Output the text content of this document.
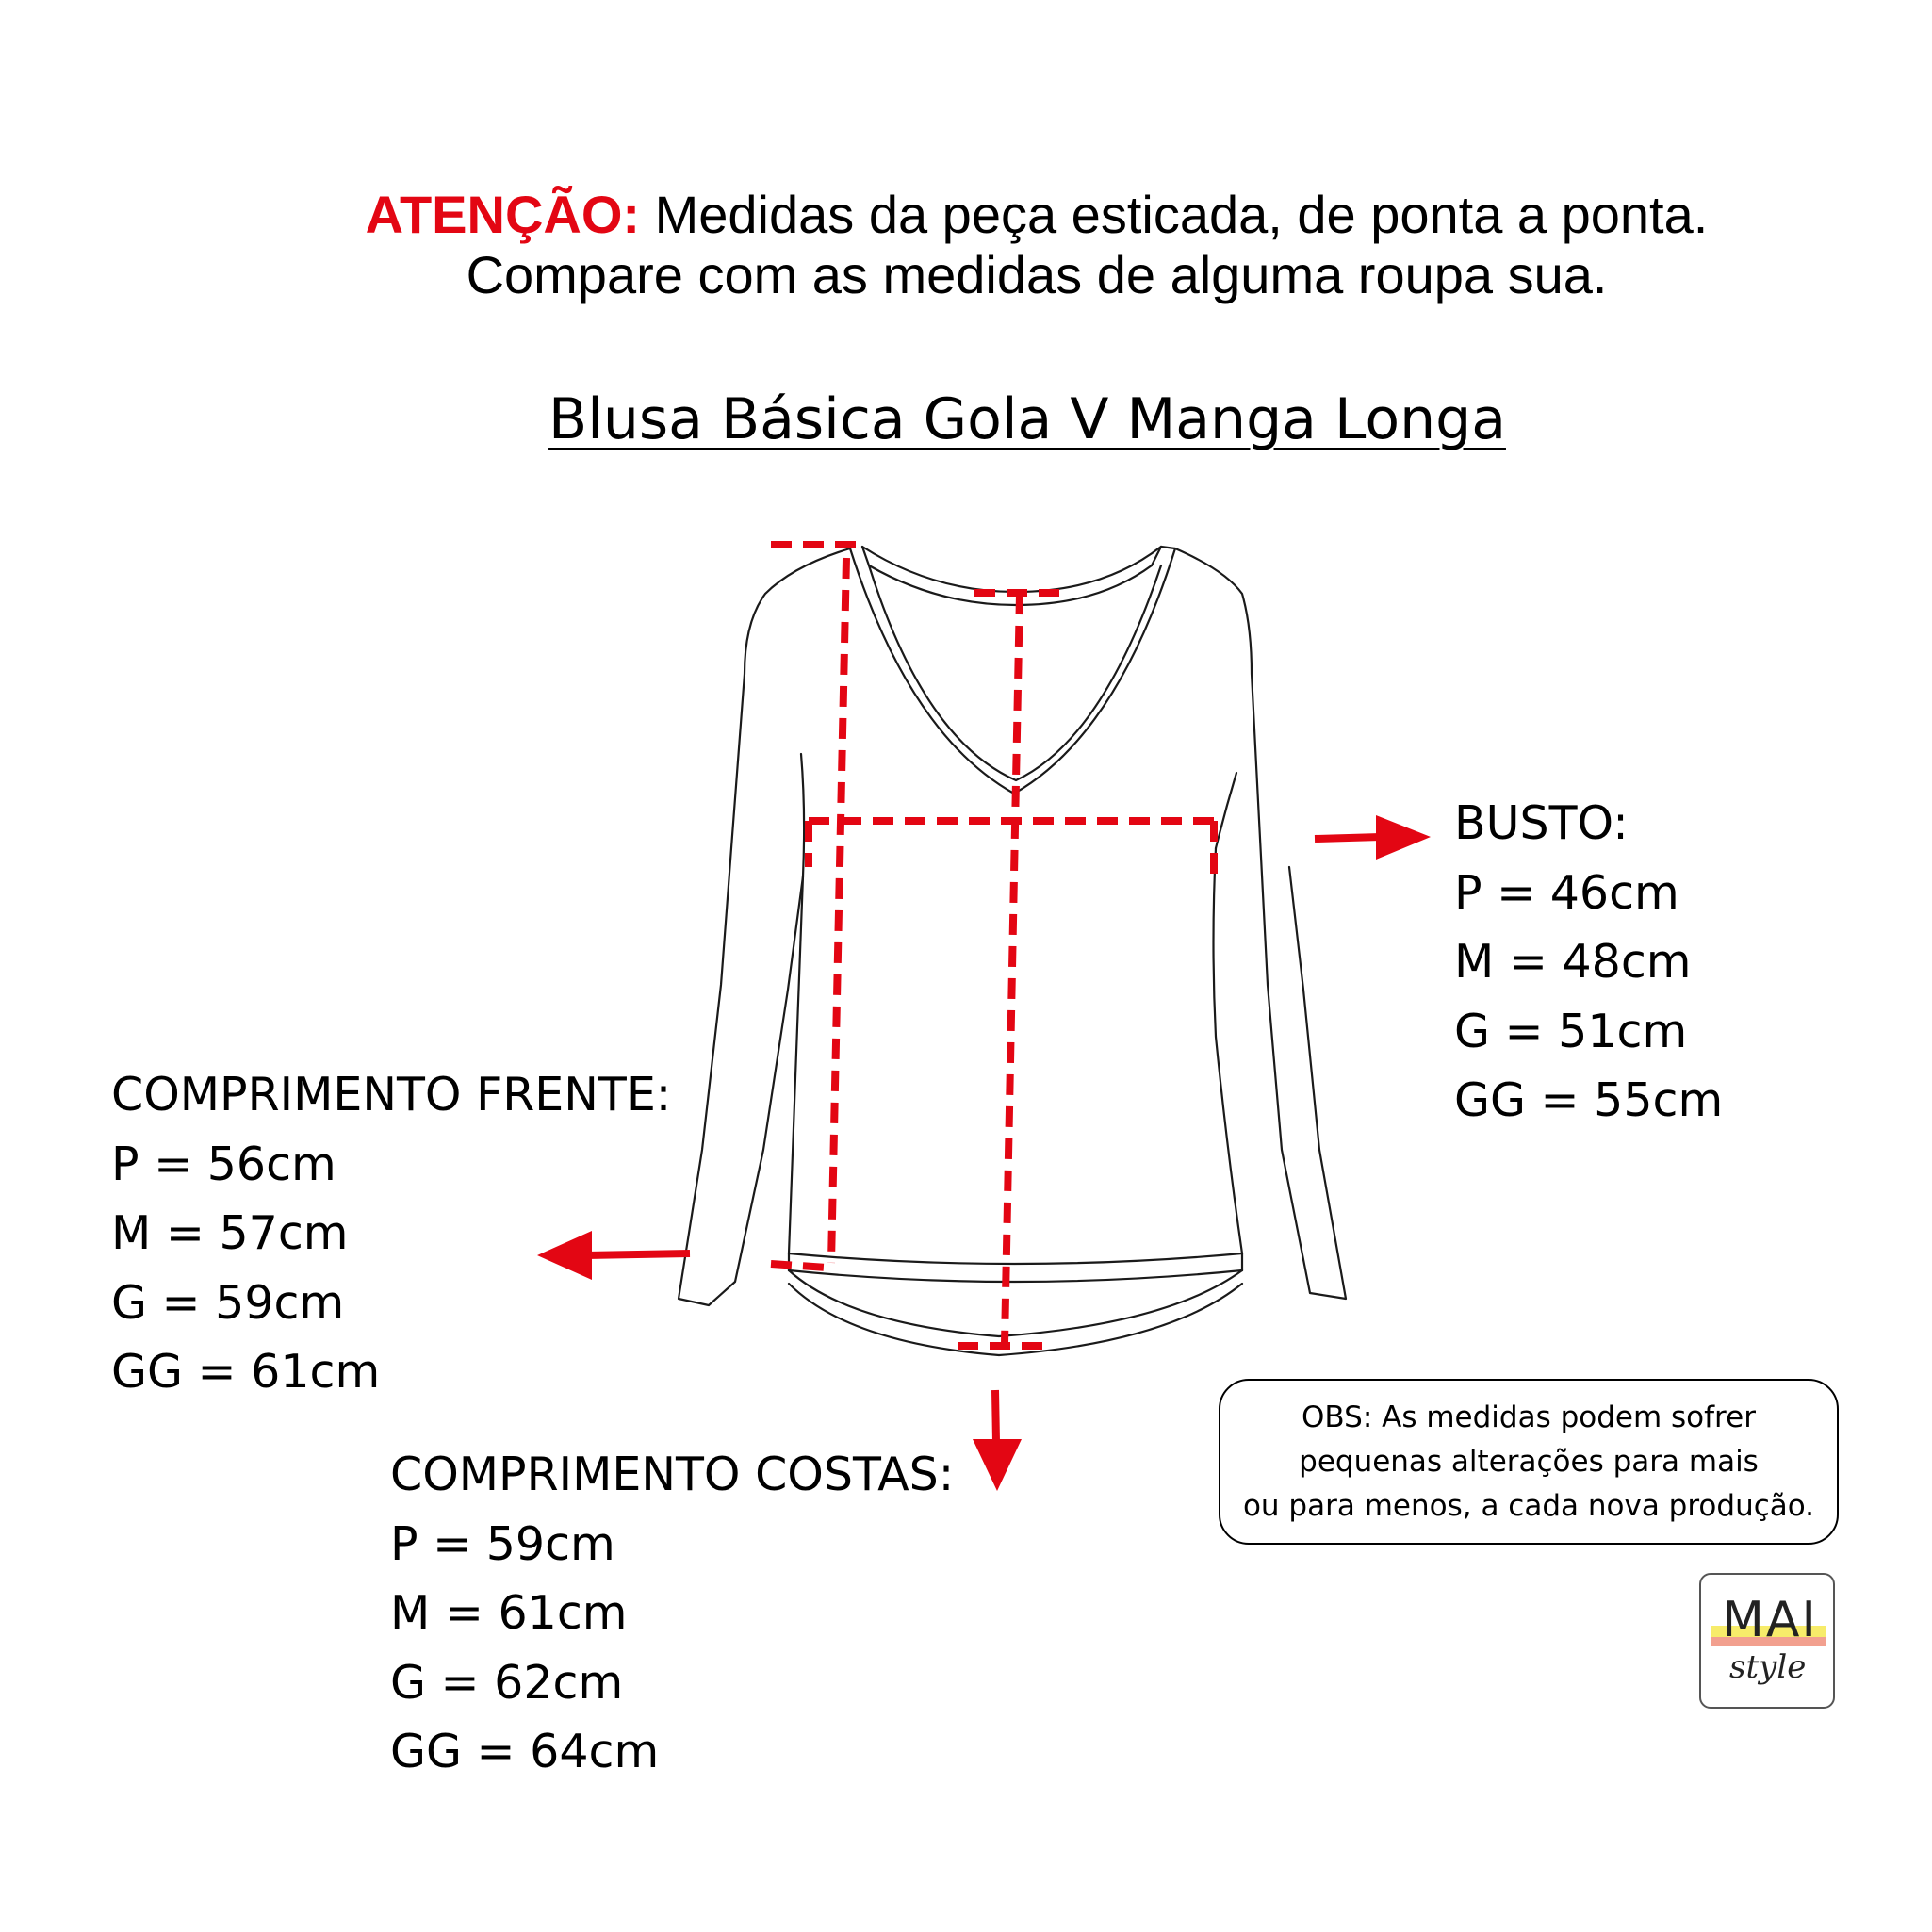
ATENÇÃO: Medidas da peça esticada, de ponta a ponta.
Compare com as medidas de alguma roupa sua.
Blusa Básica Gola V Manga Longa
BUSTO:
P = 46cm
M = 48cm
G = 51cm
GG = 55cm
COMPRIMENTO FRENTE:
P = 56cm
M = 57cm
G = 59cm
GG = 61cm
COMPRIMENTO COSTAS:
P = 59cm
M = 61cm
G = 62cm
GG = 64cm
OBS: As medidas podem sofrer
pequenas alterações para mais
ou para menos, a cada nova produção.
MAI
style
